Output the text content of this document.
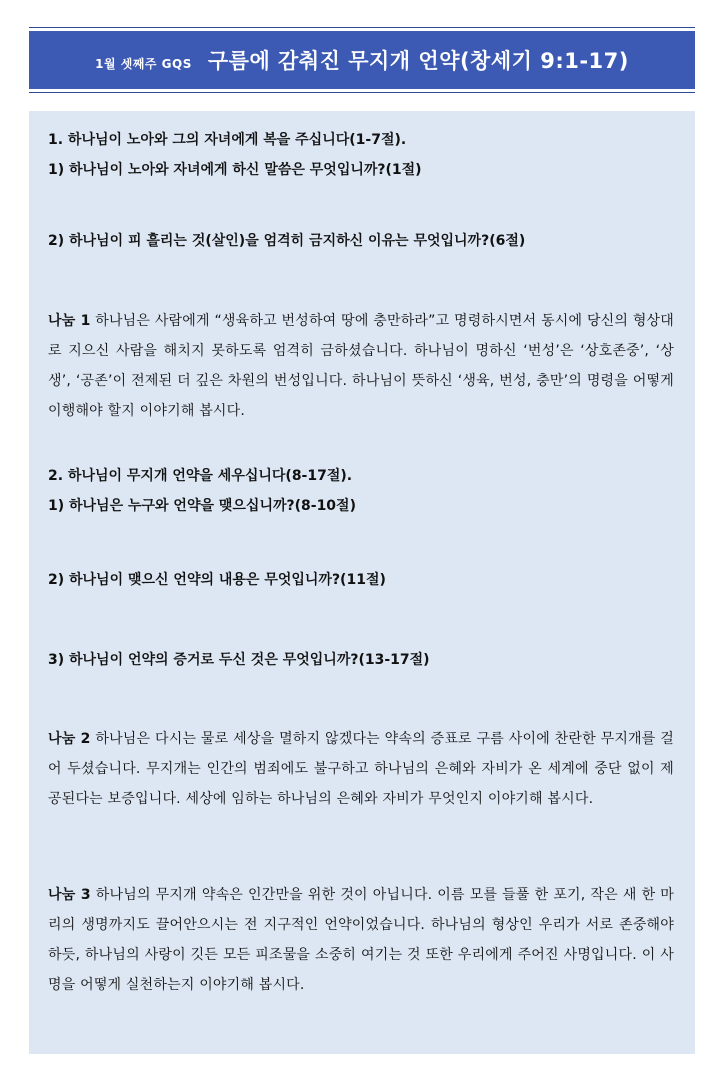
1월 셋째주 GQS 구름에 감춰진 무지개 언약(창세기 9:1-17)

1. 하나님이 노아와 그의 자녀에게 복을 주십니다(1-7절).

1) 하나님이 노아와 자녀에게 하신 말씀은 무엇입니까?(1절)

2) 하나님이 피 흘리는 것(살인)을 엄격히 금지하신 이유는 무엇입니까?(6절)

나눔 1 하나님은 사람에게 “생육하고 번성하여 땅에 충만하라”고 명령하시면서 동시에 당신의 형상대로 지으신 사람을 해치지 못하도록 엄격히 금하셨습니다. 하나님이 명하신 ‘번성’은 ‘상호존중’, ‘상생’, ‘공존’이 전제된 더 깊은 차원의 번성입니다. 하나님이 뜻하신 ‘생육, 번성, 충만’의 명령을 어떻게 이행해야 할지 이야기해 봅시다.

2. 하나님이 무지개 언약을 세우십니다(8-17절).

1) 하나님은 누구와 언약을 맺으십니까?(8-10절)

2) 하나님이 맺으신 언약의 내용은 무엇입니까?(11절)

3) 하나님이 언약의 증거로 두신 것은 무엇입니까?(13-17절)

나눔 2 하나님은 다시는 물로 세상을 멸하지 않겠다는 약속의 증표로 구름 사이에 찬란한 무지개를 걸어 두셨습니다. 무지개는 인간의 범죄에도 불구하고 하나님의 은혜와 자비가 온 세계에 중단 없이 제공된다는 보증입니다. 세상에 임하는 하나님의 은혜와 자비가 무엇인지 이야기해 봅시다.

나눔 3 하나님의 무지개 약속은 인간만을 위한 것이 아닙니다. 이름 모를 들풀 한 포기, 작은 새 한 마리의 생명까지도 끌어안으시는 전 지구적인 언약이었습니다. 하나님의 형상인 우리가 서로 존중해야 하듯, 하나님의 사랑이 깃든 모든 피조물을 소중히 여기는 것 또한 우리에게 주어진 사명입니다. 이 사명을 어떻게 실천하는지 이야기해 봅시다.
